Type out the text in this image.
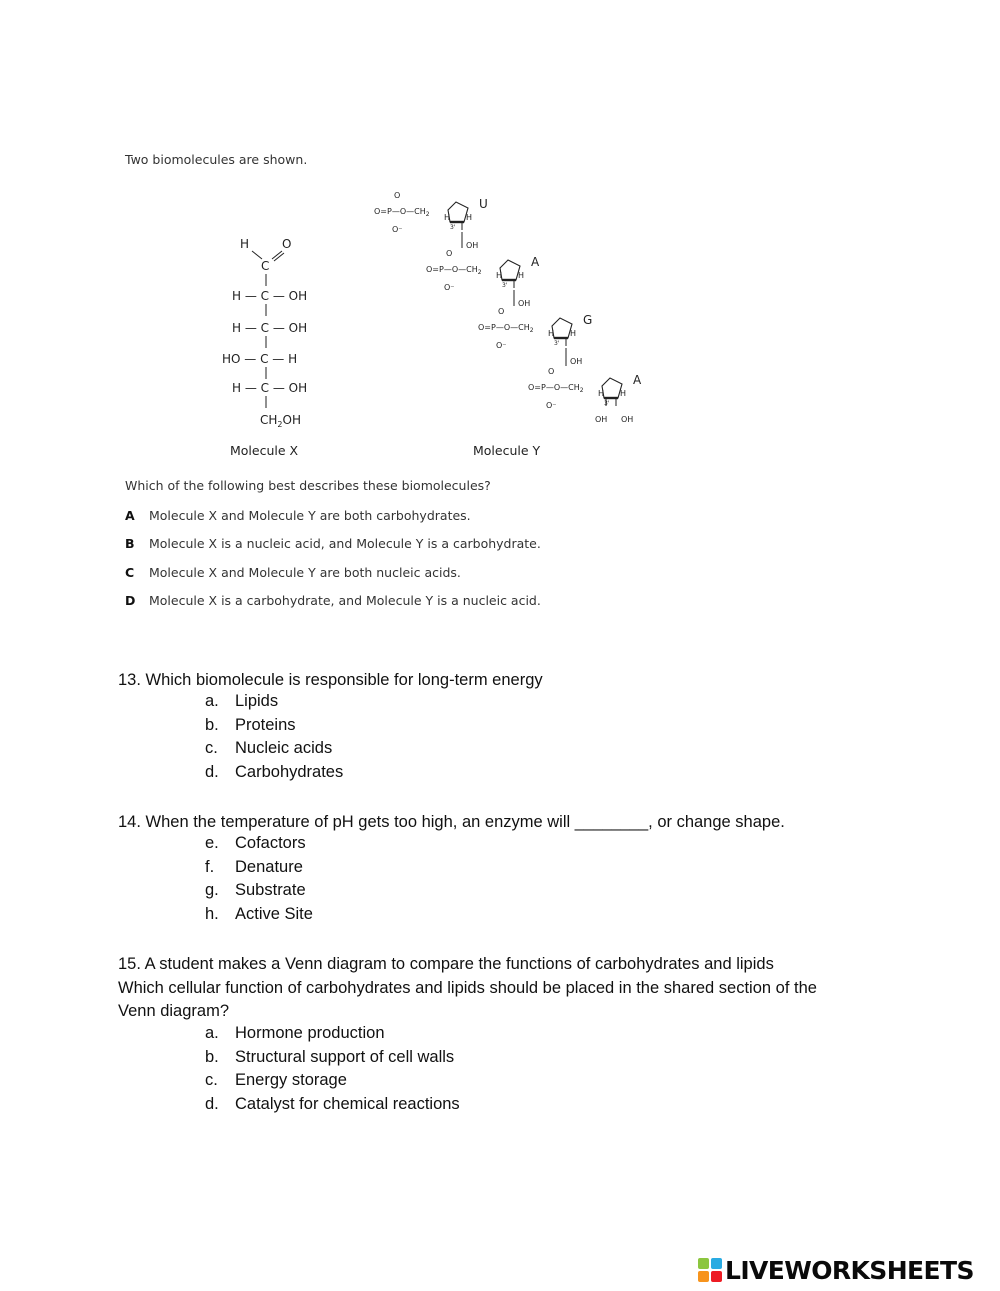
Two biomolecules are shown.
H	O
C
H — C — OH
H — C — OH
HO — C — H
H — C — OH
$CH_2OH$
Molecule X
O
$O=P—O—CH_2$
O⁻
U
H
3'
H
OH
O
$O=P—O—CH_2$
O⁻
A
H
3'
H
OH
O
$O=P—O—CH_2$
O⁻
G
H
3'
H
OH
O
$O=P—O—CH_2$
O⁻
A
H
3'
H
OH OH
Molecule Y
Which of the following best describes these biomolecules?
A Molecule X and Molecule Y are both carbohydrates.
B Molecule X is a nucleic acid, and Molecule Y is a carbohydrate.
C Molecule X and Molecule Y are both nucleic acids.
D Molecule X is a carbohydrate, and Molecule Y is a nucleic acid.
13. Which biomolecule is responsible for long-term energy
a. Lipids
b. Proteins
c. Nucleic acids
d. Carbohydrates
14. When the temperature of pH gets too high, an enzyme will ________, or change shape.
e. Cofactors
f. Denature
g. Substrate
h. Active Site
15. A student makes a Venn diagram to compare the functions of carbohydrates and lipids
Which cellular function of carbohydrates and lipids should be placed in the shared section of the
Venn diagram?
a. Hormone production
b. Structural support of cell walls
c. Energy storage
d. Catalyst for chemical reactions
LIVEWORKSHEETS
